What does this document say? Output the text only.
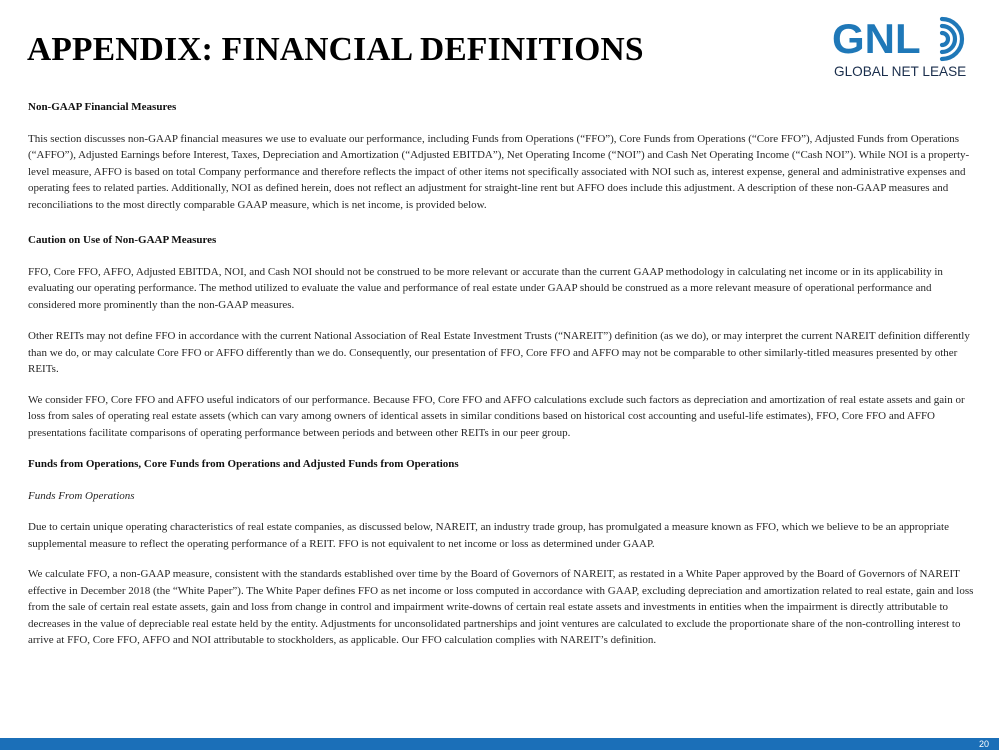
APPENDIX: FINANCIAL DEFINITIONS	GNL
GLOBAL NET LEASE

Non-GAAP Financial Measures

This section discusses non-GAAP financial measures we use to evaluate our performance, including Funds from Operations (“FFO”), Core Funds from Operations (“Core FFO”), Adjusted Funds from Operations (“AFFO”), Adjusted Earnings before Interest, Taxes, Depreciation and Amortization (“Adjusted EBITDA”), Net Operating Income (“NOI”) and Cash Net Operating Income (“Cash NOI”). While NOI is a property-level measure, AFFO is based on total Company performance and therefore reflects the impact of other items not specifically associated with NOI such as, interest expense, general and administrative expenses and operating fees to related parties. Additionally, NOI as defined herein, does not reflect an adjustment for straight-line rent but AFFO does include this adjustment. A description of these non-GAAP measures and reconciliations to the most directly comparable GAAP measure, which is net income, is provided below.

Caution on Use of Non-GAAP Measures

FFO, Core FFO, AFFO, Adjusted EBITDA, NOI, and Cash NOI should not be construed to be more relevant or accurate than the current GAAP methodology in calculating net income or in its applicability in evaluating our operating performance. The method utilized to evaluate the value and performance of real estate under GAAP should be construed as a more relevant measure of operational performance and considered more prominently than the non-GAAP measures.

Other REITs may not define FFO in accordance with the current National Association of Real Estate Investment Trusts (“NAREIT”) definition (as we do), or may interpret the current NAREIT definition differently than we do, or may calculate Core FFO or AFFO differently than we do. Consequently, our presentation of FFO, Core FFO and AFFO may not be comparable to other similarly-titled measures presented by other REITs.

We consider FFO, Core FFO and AFFO useful indicators of our performance. Because FFO, Core FFO and AFFO calculations exclude such factors as depreciation and amortization of real estate assets and gain or loss from sales of operating real estate assets (which can vary among owners of identical assets in similar conditions based on historical cost accounting and useful-life estimates), FFO, Core FFO and AFFO presentations facilitate comparisons of operating performance between periods and between other REITs in our peer group.

Funds from Operations, Core Funds from Operations and Adjusted Funds from Operations

Funds From Operations

Due to certain unique operating characteristics of real estate companies, as discussed below, NAREIT, an industry trade group, has promulgated a measure known as FFO, which we believe to be an appropriate supplemental measure to reflect the operating performance of a REIT. FFO is not equivalent to net income or loss as determined under GAAP.

We calculate FFO, a non-GAAP measure, consistent with the standards established over time by the Board of Governors of NAREIT, as restated in a White Paper approved by the Board of Governors of NAREIT effective in December 2018 (the “White Paper”). The White Paper defines FFO as net income or loss computed in accordance with GAAP, excluding depreciation and amortization related to real estate, gain and loss from the sale of certain real estate assets, gain and loss from change in control and impairment write-downs of certain real estate assets and investments in entities when the impairment is directly attributable to decreases in the value of depreciable real estate held by the entity. Adjustments for unconsolidated partnerships and joint ventures are calculated to exclude the proportionate share of the non-controlling interest to arrive at FFO, Core FFO, AFFO and NOI attributable to stockholders, as applicable. Our FFO calculation complies with NAREIT’s definition.

20
